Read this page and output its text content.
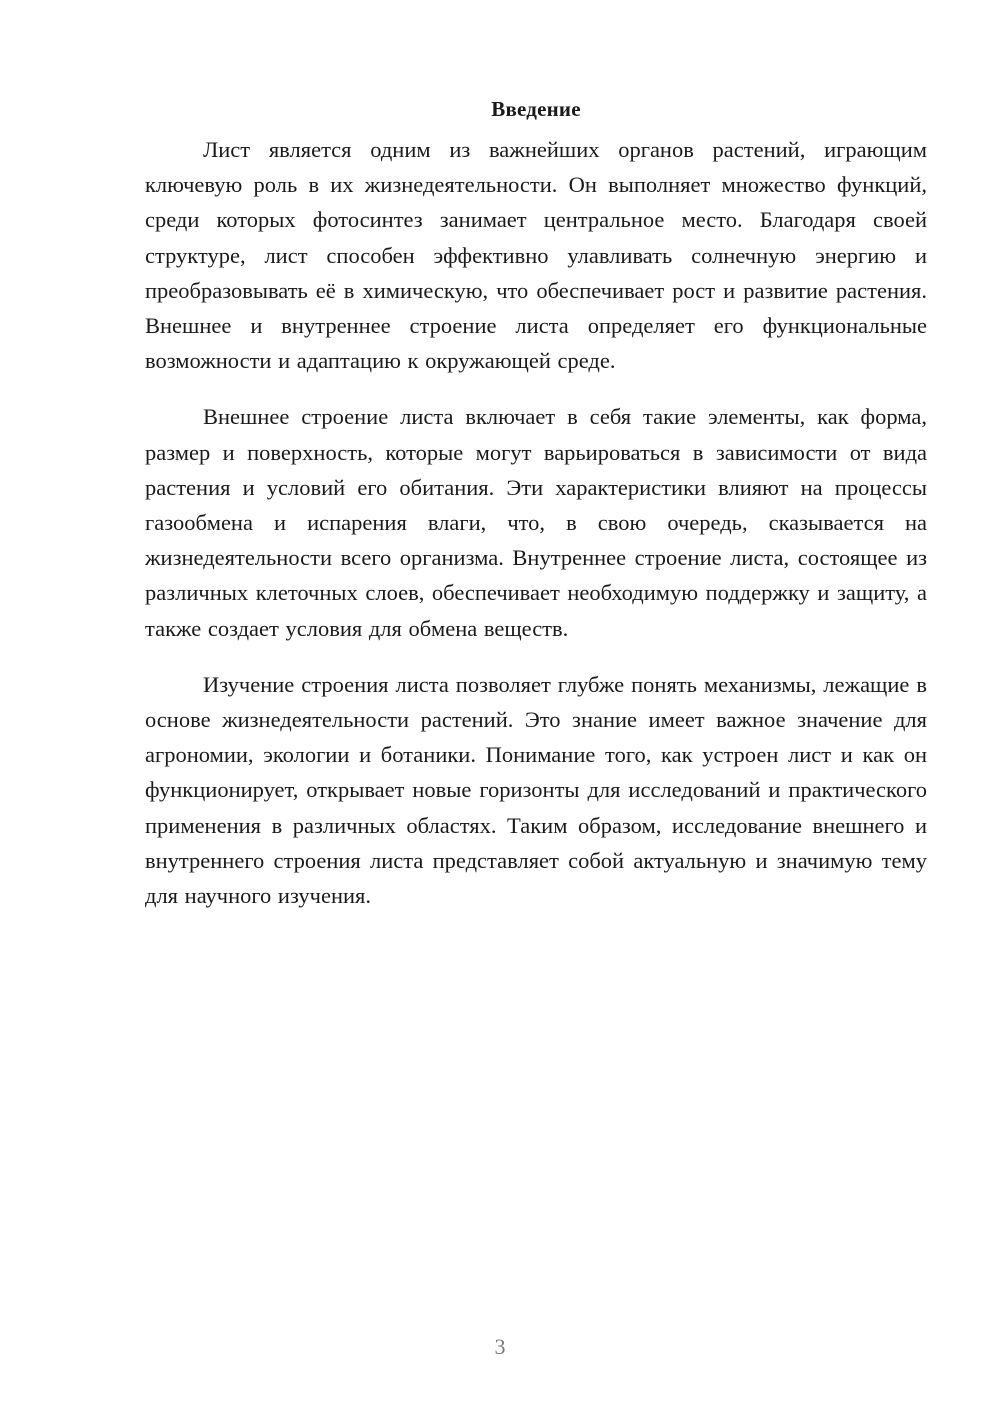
Введение

Лист является одним из важнейших органов растений, играющим ключевую роль в их жизнедеятельности. Он выполняет множество функций, среди которых фотосинтез занимает центральное место. Благодаря своей структуре, лист способен эффективно улавливать солнечную энергию и преобразовывать её в химическую, что обеспечивает рост и развитие растения. Внешнее и внутреннее строение листа определяет его функциональные возможности и адаптацию к окружающей среде.

Внешнее строение листа включает в себя такие элементы, как форма, размер и поверхность, которые могут варьироваться в зависимости от вида растения и условий его обитания. Эти характеристики влияют на процессы газообмена и испарения влаги, что, в свою очередь, сказывается на жизнедеятельности всего организма. Внутреннее строение листа, состоящее из различных клеточных слоев, обеспечивает необходимую поддержку и защиту, а также создает условия для обмена веществ.

Изучение строения листа позволяет глубже понять механизмы, лежащие в основе жизнедеятельности растений. Это знание имеет важное значение для агрономии, экологии и ботаники. Понимание того, как устроен лист и как он функционирует, открывает новые горизонты для исследований и практического применения в различных областях. Таким образом, исследование внешнего и внутреннего строения листа представляет собой актуальную и значимую тему для научного изучения.

3
